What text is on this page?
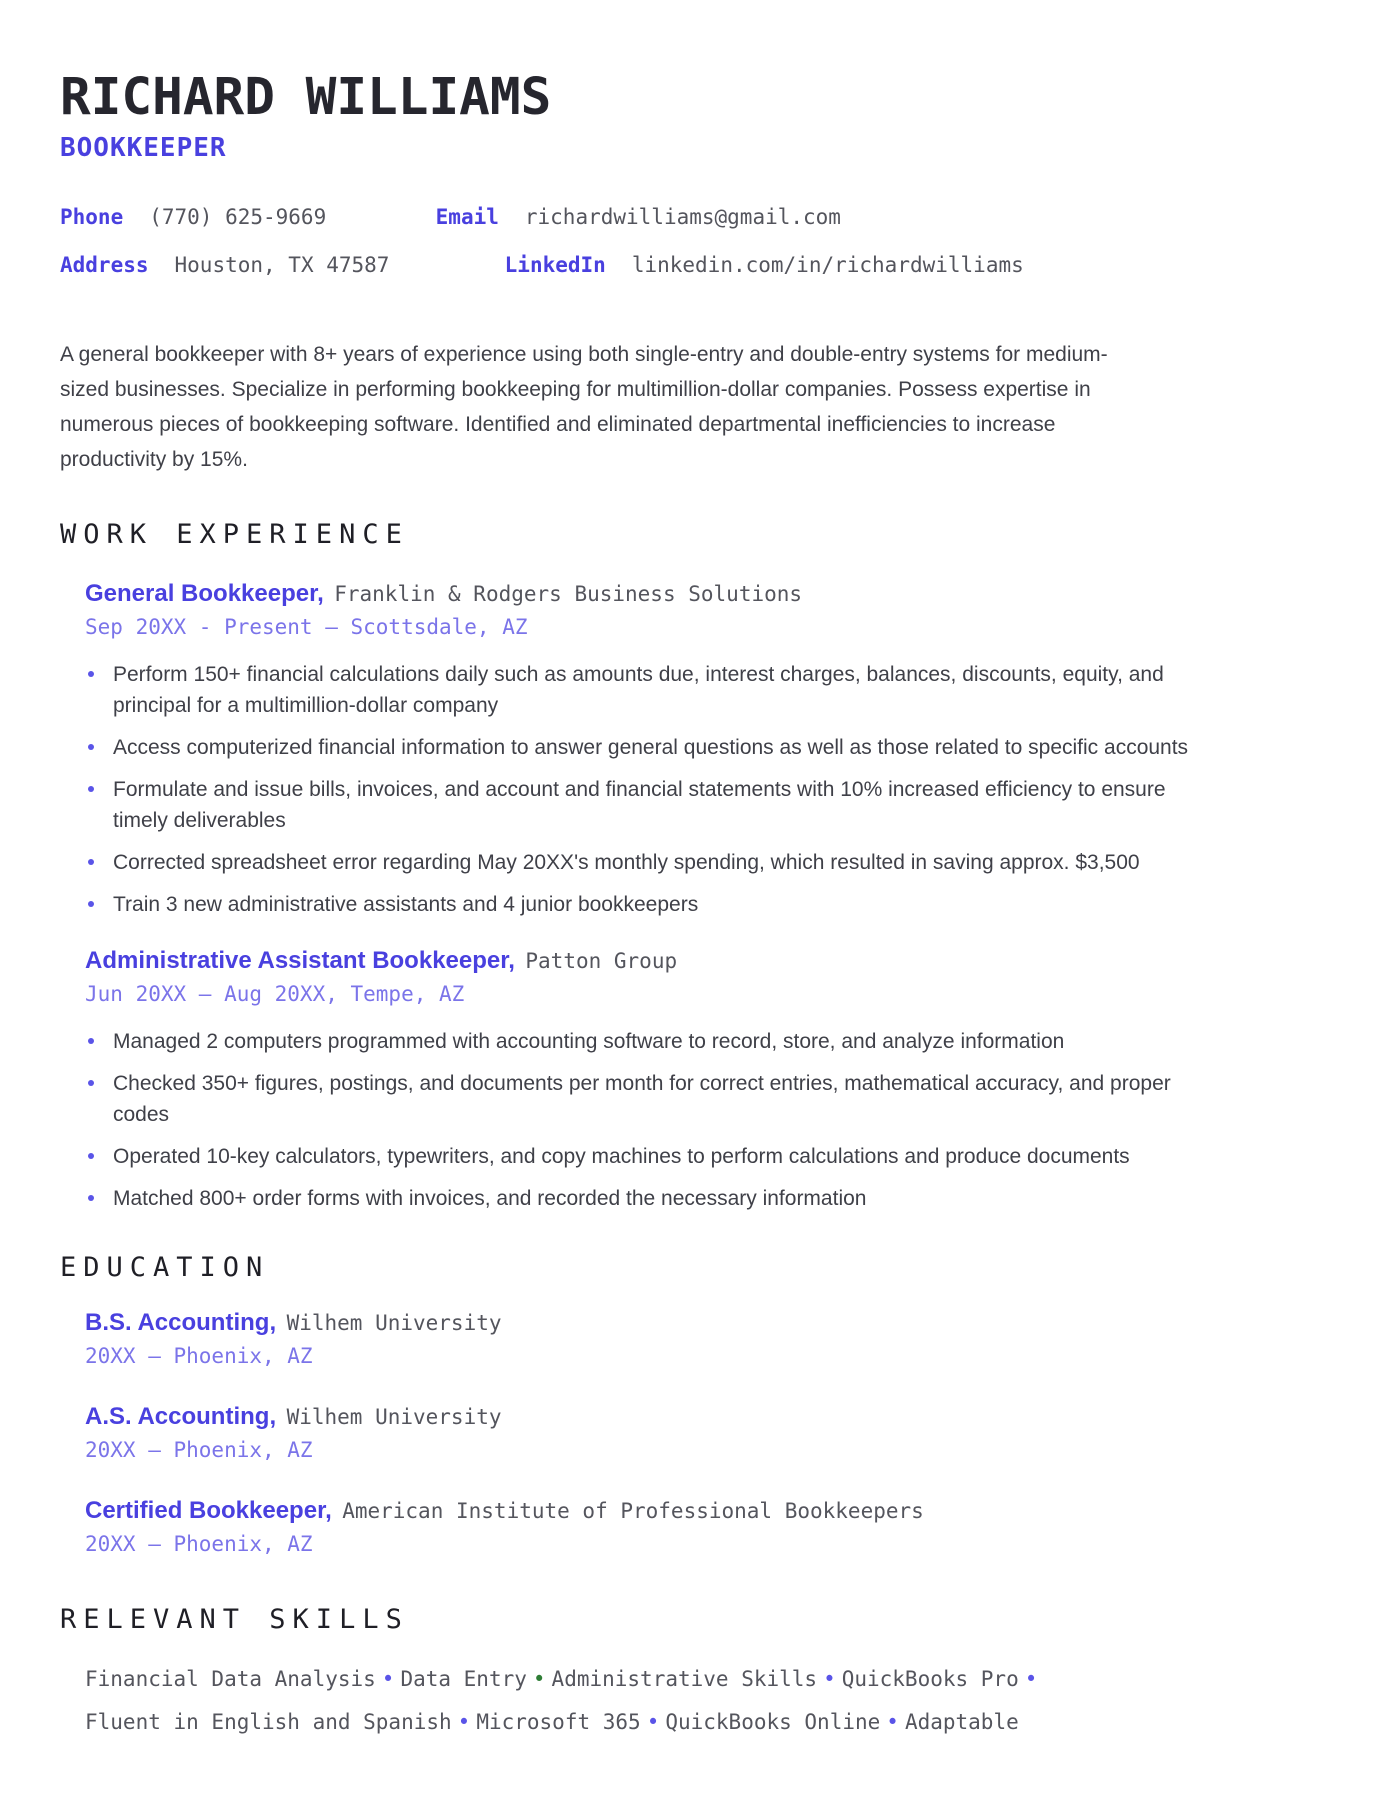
RICHARD WILLIAMS
BOOKKEEPER
Phone (770) 625-9669
	Email richardwilliams@gmail.com
Address Houston, TX 47587
	LinkedIn linkedin.com/in/richardwilliams

A general bookkeeper with 8+ years of experience using both single-entry and double-entry systems for medium-sized businesses. Specialize in performing bookkeeping for multimillion-dollar companies. Possess expertise in numerous pieces of bookkeeping software. Identified and eliminated departmental inefficiencies to increase productivity by 15%.

WORK EXPERIENCE
General Bookkeeper, Franklin & Rodgers Business Solutions
Sep 20XX - Present — Scottsdale, AZ
Perform 150+ financial calculations daily such as amounts due, interest charges, balances, discounts, equity, and principal for a multimillion-dollar company
Access computerized financial information to answer general questions as well as those related to specific accounts
Formulate and issue bills, invoices, and account and financial statements with 10% increased efficiency to ensure timely deliverables
Corrected spreadsheet error regarding May 20XX's monthly spending, which resulted in saving approx. $3,500
Train 3 new administrative assistants and 4 junior bookkeepers
Administrative Assistant Bookkeeper, Patton Group
Jun 20XX — Aug 20XX, Tempe, AZ
Managed 2 computers programmed with accounting software to record, store, and analyze information
Checked 350+ figures, postings, and documents per month for correct entries, mathematical accuracy, and proper codes
Operated 10-key calculators, typewriters, and copy machines to perform calculations and produce documents
Matched 800+ order forms with invoices, and recorded the necessary information
EDUCATION
B.S. Accounting, Wilhem University
20XX — Phoenix, AZ
A.S. Accounting, Wilhem University
20XX — Phoenix, AZ
Certified Bookkeeper, American Institute of Professional Bookkeepers
20XX — Phoenix, AZ
RELEVANT SKILLS

Financial Data Analysis • Data Entry • Administrative Skills • QuickBooks Pro •Fluent in English and Spanish • Microsoft 365 • QuickBooks Online • Adaptable
